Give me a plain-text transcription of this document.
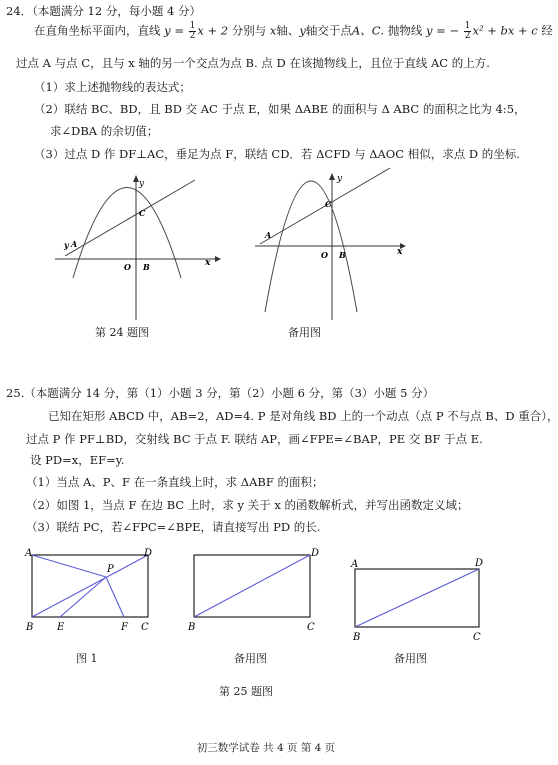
24．（本题满分 12 分，每小题 4 分）
在直角坐标平面内，直线 $y = \frac{1}{2}$ x + 2 分别与 x轴、y轴交于点A、C. 抛物线 y = − $\frac{1}{2} x^2$ + bx + c 经
过点 A 与点 C，且与 x 轴的另一个交点为点 B. 点 D 在该抛物线上，且位于直线 AC 的上方.
（1）求上述抛物线的表达式；
（2）联结 BC、BD，且 BD 交 AC 于点 E，如果 ΔABE 的面积与 Δ ABC 的面积之比为 4:5，
求∠DBA 的余切值；
（3）过点 D 作 DF⊥AC，垂足为点 F，联结 CD．若 ΔCFD 与 ΔAOC 相似，求点 D 的坐标.
y
y
x
A
C
O B
y
x
A
C
O B
第 24 题图	备用图
25.（本题满分 14 分，第（1）小题 3 分，第（2）小题 6 分，第（3）小题 5 分）
已知在矩形 ABCD 中，AB=2，AD=4. P 是对角线 BD 上的一个动点（点 P 不与点 B、D 重合），
过点 P 作 PF⊥BD，交射线 BC 于点 F. 联结 AP，画∠FPE=∠BAP，PE 交 BF 于点 E.
设 PD=x，EF=y.
（1）当点 A、P、F 在一条直线上时，求 ΔABF 的面积；
（2）如图 1，当点 F 在边 BC 上时，求 y 关于 x 的函数解析式，并写出函数定义域；
（3）联结 PC，若∠FPC=∠BPE，请直接写出 PD 的长.
A	D
P
B E	F C	B
D
C
A	D
B	C
图 1	备用图	备用图
第 25 题图
初三数学试卷 共 4 页 第 4 页
